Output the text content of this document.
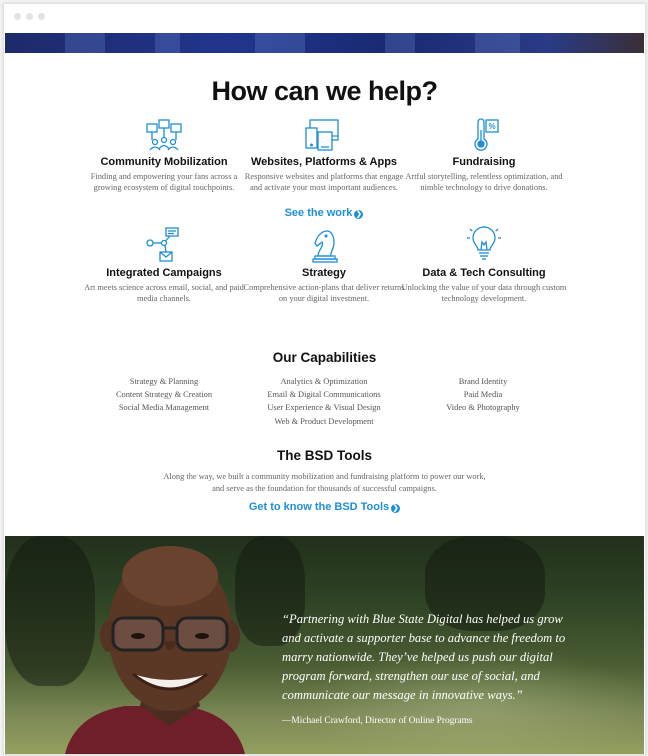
How can we help?
Community Mobilization

Finding and empowering your fans across a growing ecosystem of digital touchpoints.

Websites, Platforms & Apps

Responsive websites and platforms that engage and activate your most important audiences.

See the work ❯
%
Fundraising

Artful storytelling, relentless optimization, and nimble technology to drive donations.

Integrated Campaigns

Art meets science across email, social, and paid media channels.

Strategy

Comprehensive action-plans that deliver returns on your digital investment.

Data & Tech Consulting

Unlocking the value of your data through custom technology development.

Our Capabilities
Strategy & Planning
Content Strategy & Creation
Social Media Management
Analytics & Optimization
Email & Digital Communications
User Experience & Visual Design
Web & Product Development
Brand Identity
Paid Media
Video & Photography
The BSD Tools
Along the way, we built a community mobilization and fundraising platform to power our work,
and serve as the foundation for thousands of successful campaigns.
Get to know the BSD Tools ❯
“Partnering with Blue State Digital has helped us grow and activate a supporter base to advance the freedom to marry nationwide. They’ve helped us push our digital program forward, strengthen our use of social, and communicate our message in innovative ways.”
—Michael Crawford, Director of Online Programs
